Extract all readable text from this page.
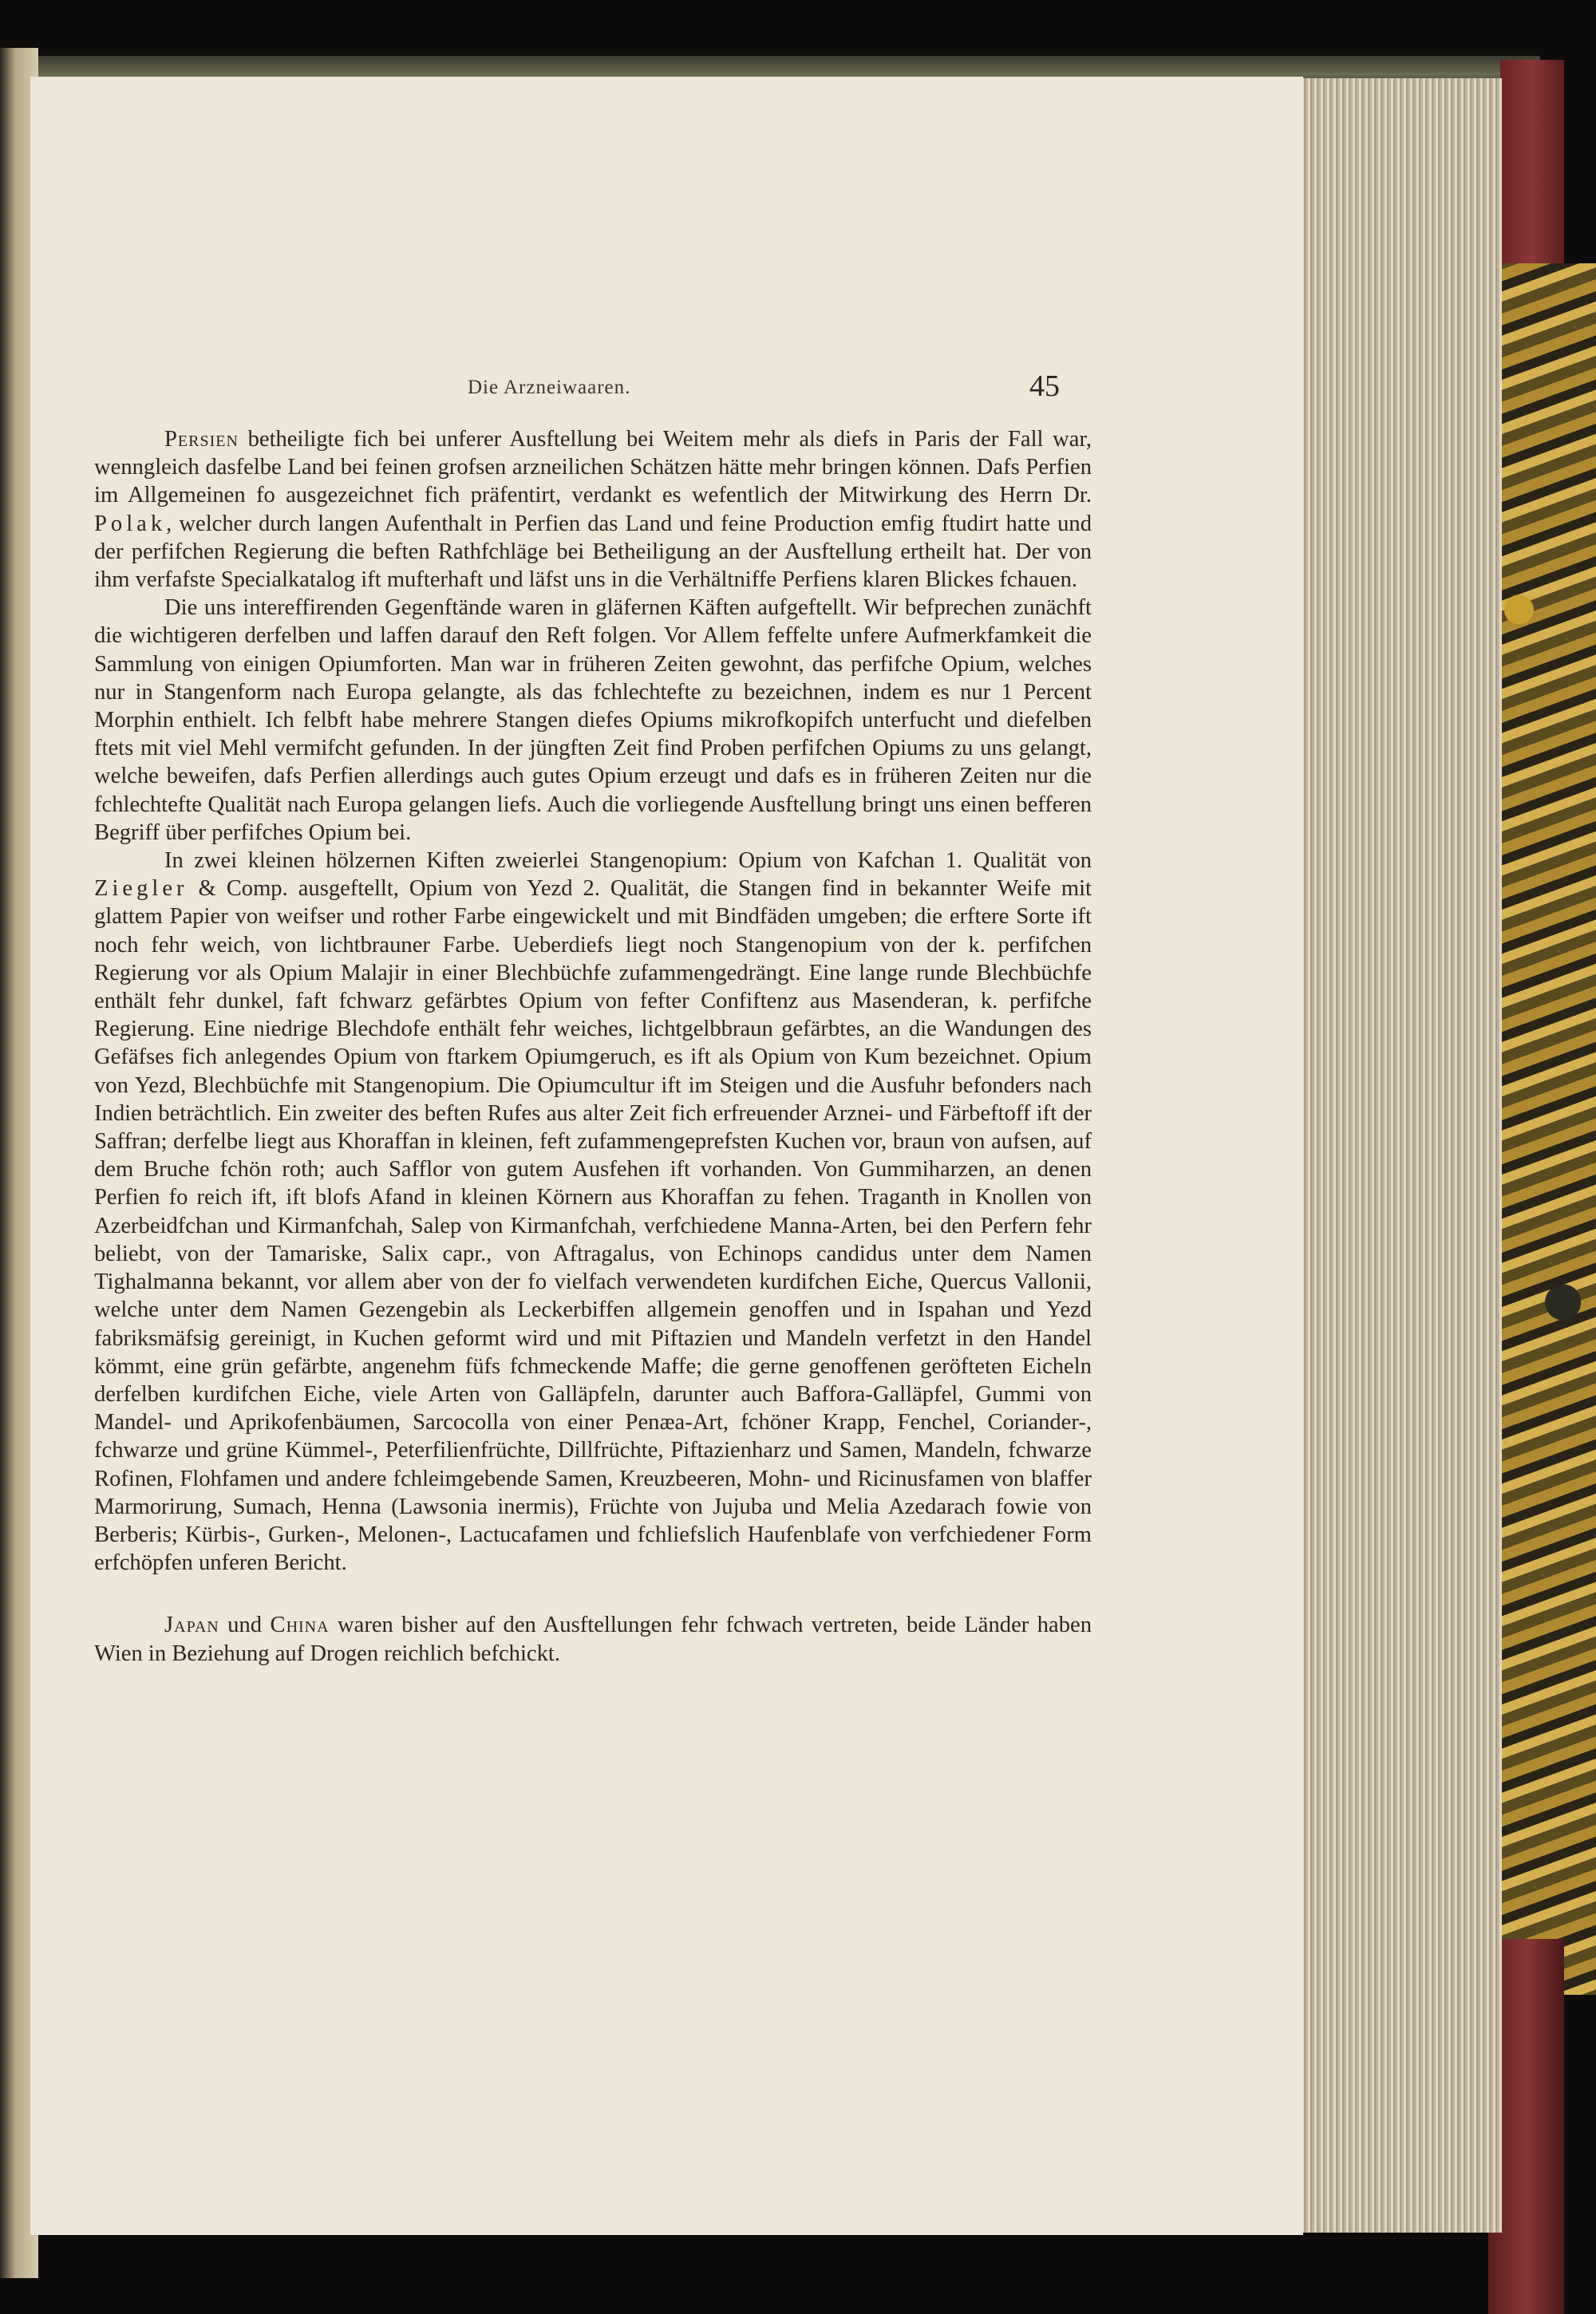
Die Arzneiwaaren.	45

Persien betheiligte fich bei unferer Ausftellung bei Weitem mehr als diefs in Paris der Fall war, wenngleich dasfelbe Land bei feinen grofsen arzneilichen Schätzen hätte mehr bringen können. Dafs Perfien im Allgemeinen fo ausgezeichnet fich präfentirt, verdankt es wefentlich der Mitwirkung des Herrn Dr. Polak, welcher durch langen Aufenthalt in Perfien das Land und feine Production emfig ftudirt hatte und der perfifchen Regierung die beften Rathfchläge bei Betheiligung an der Ausftellung ertheilt hat. Der von ihm verfafste Specialkatalog ift mufterhaft und läfst uns in die Verhältniffe Perfiens klaren Blickes fchauen.

Die uns intereffirenden Gegenftände waren in gläfernen Käften aufgeftellt. Wir befprechen zunächft die wichtigeren derfelben und laffen darauf den Reft folgen. Vor Allem feffelte unfere Aufmerkfamkeit die Sammlung von einigen Opiumforten. Man war in früheren Zeiten gewohnt, das perfifche Opium, welches nur in Stangenform nach Europa gelangte, als das fchlechtefte zu bezeichnen, indem es nur 1 Percent Morphin enthielt. Ich felbft habe mehrere Stangen diefes Opiums mikrofkopifch unterfucht und diefelben ftets mit viel Mehl vermifcht gefunden. In der jüngften Zeit find Proben perfifchen Opiums zu uns gelangt, welche beweifen, dafs Perfien allerdings auch gutes Opium erzeugt und dafs es in früheren Zeiten nur die fchlechtefte Qualität nach Europa gelangen liefs. Auch die vorliegende Ausftellung bringt uns einen befferen Begriff über perfifches Opium bei.

In zwei kleinen hölzernen Kiften zweierlei Stangenopium: Opium von Kafchan 1. Qualität von Ziegler & Comp. ausgeftellt, Opium von Yezd 2. Qualität, die Stangen find in bekannter Weife mit glattem Papier von weifser und rother Farbe eingewickelt und mit Bindfäden umgeben; die erftere Sorte ift noch fehr weich, von lichtbrauner Farbe. Ueberdiefs liegt noch Stangenopium von der k. perfifchen Regierung vor als Opium Malajir in einer Blechbüchfe zufammengedrängt. Eine lange runde Blechbüchfe enthält fehr dunkel, faft fchwarz gefärbtes Opium von fefter Confiftenz aus Masenderan, k. perfifche Regierung. Eine niedrige Blechdofe enthält fehr weiches, lichtgelbbraun gefärbtes, an die Wandungen des Gefäfses fich anlegendes Opium von ftarkem Opiumgeruch, es ift als Opium von Kum bezeichnet. Opium von Yezd, Blechbüchfe mit Stangenopium. Die Opiumcultur ift im Steigen und die Ausfuhr befonders nach Indien beträchtlich. Ein zweiter des beften Rufes aus alter Zeit fich erfreuender Arznei- und Färbeftoff ift der Saffran; derfelbe liegt aus Khoraffan in kleinen, feft zufammengeprefsten Kuchen vor, braun von aufsen, auf dem Bruche fchön roth; auch Safflor von gutem Ausfehen ift vorhanden. Von Gummiharzen, an denen Perfien fo reich ift, ift blofs Afand in kleinen Körnern aus Khoraffan zu fehen. Traganth in Knollen von Azerbeidfchan und Kirmanfchah, Salep von Kirmanfchah, verfchiedene Manna-Arten, bei den Perfern fehr beliebt, von der Tamariske, Salix capr., von Aftragalus, von Echinops candidus unter dem Namen Tighalmanna bekannt, vor allem aber von der fo vielfach verwendeten kurdifchen Eiche, Quercus Vallonii, welche unter dem Namen Gezengebin als Leckerbiffen allgemein genoffen und in Ispahan und Yezd fabriksmäfsig gereinigt, in Kuchen geformt wird und mit Piftazien und Mandeln verfetzt in den Handel kömmt, eine grün gefärbte, angenehm füfs fchmeckende Maffe; die gerne genoffenen geröfteten Eicheln derfelben kurdifchen Eiche, viele Arten von Galläpfeln, darunter auch Baffora-Galläpfel, Gummi von Mandel- und Aprikofenbäumen, Sarcocolla von einer Penæa-Art, fchöner Krapp, Fenchel, Coriander-, fchwarze und grüne Kümmel-, Peterfilienfrüchte, Dillfrüchte, Piftazienharz und Samen, Mandeln, fchwarze Rofinen, Flohfamen und andere fchleimgebende Samen, Kreuzbeeren, Mohn- und Ricinusfamen von blaffer Marmorirung, Sumach, Henna (Lawsonia inermis), Früchte von Jujuba und Melia Azedarach fowie von Berberis; Kürbis-, Gurken-, Melonen-, Lactucafamen und fchliefslich Haufenblafe von verfchiedener Form erfchöpfen unferen Bericht.

Japan und China waren bisher auf den Ausftellungen fehr fchwach vertreten, beide Länder haben Wien in Beziehung auf Drogen reichlich befchickt.
